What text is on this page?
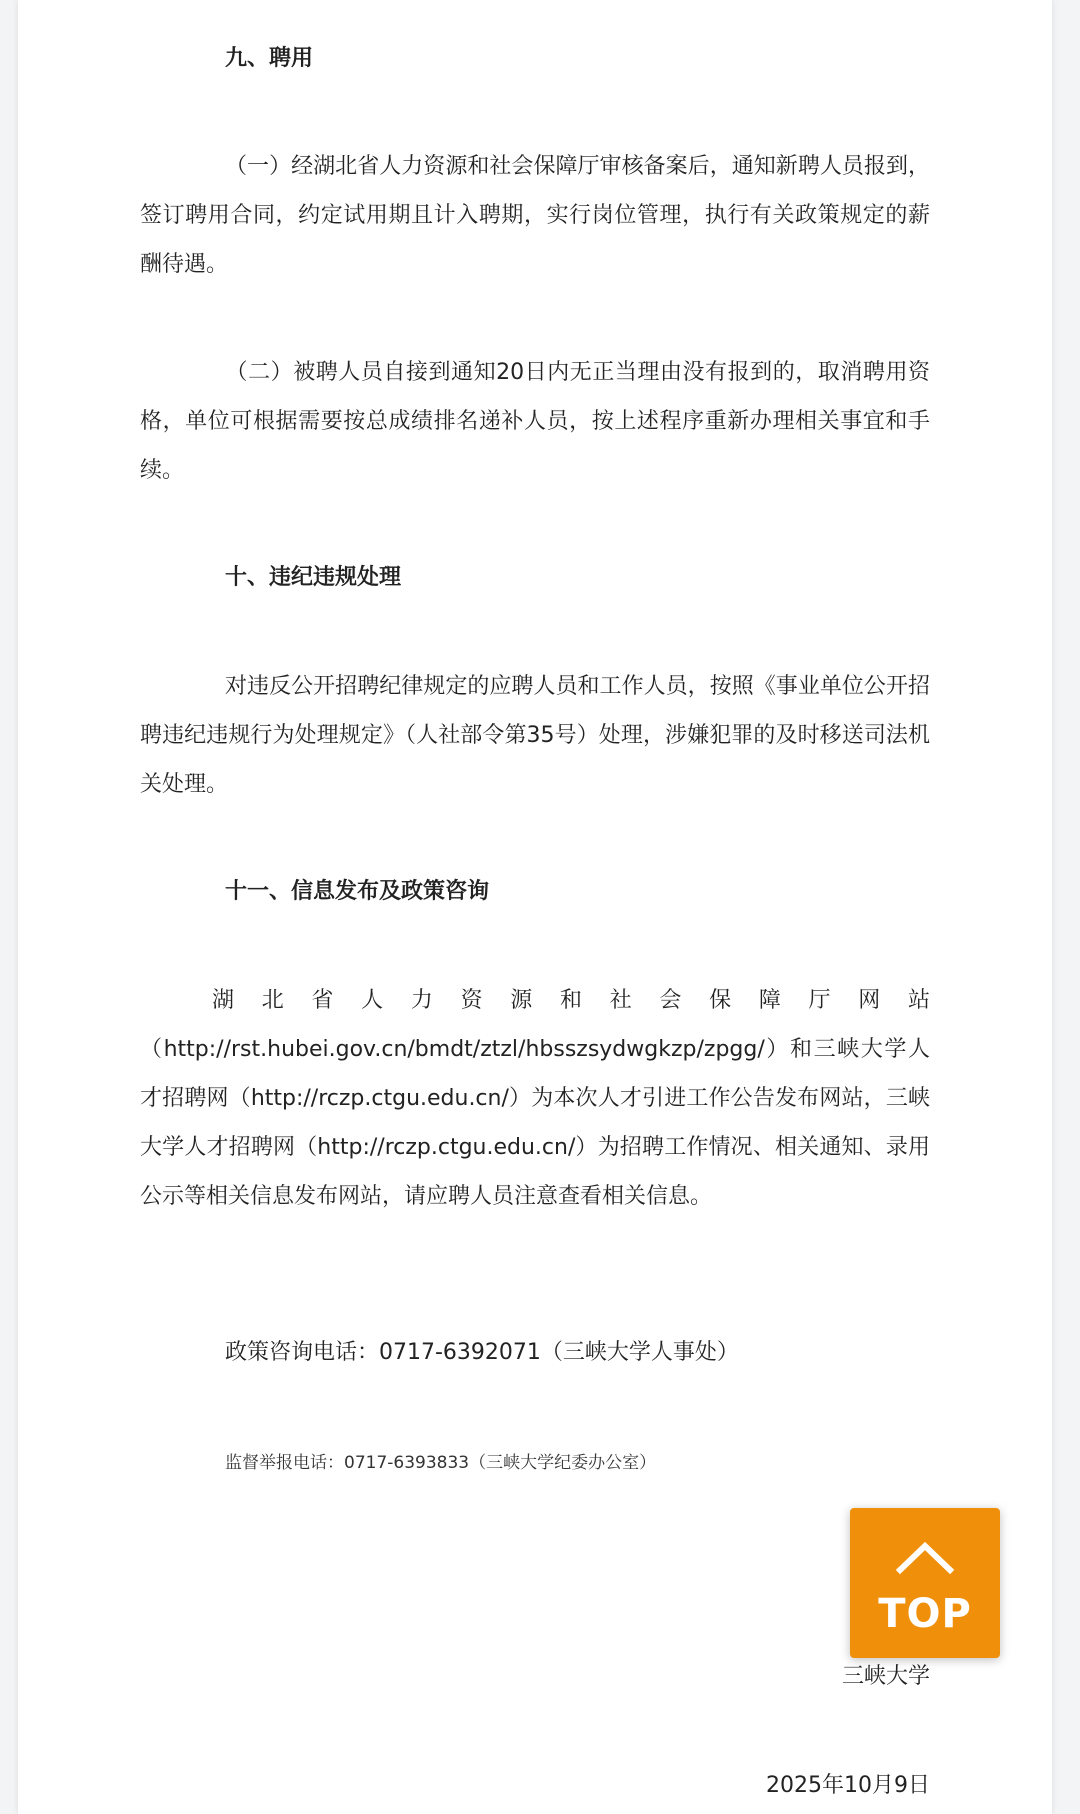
九、聘用

（一）经湖北省人力资源和社会保障厅审核备案后，通知新聘人员报到，签订聘用合同，约定试用期且计入聘期，实行岗位管理，执行有关政策规定的薪酬待遇。

（二）被聘人员自接到通知20日内无正当理由没有报到的，取消聘用资格，单位可根据需要按总成绩排名递补人员，按上述程序重新办理相关事宜和手续。

十、违纪违规处理

对违反公开招聘纪律规定的应聘人员和工作人员，按照《事业单位公开招聘违纪违规行为处理规定》（人社部令第35号）处理，涉嫌犯罪的及时移送司法机关处理。

十一、信息发布及政策咨询

湖北省人力资源和社会保障厅网站
（http://rst.hubei.gov.cn/bmdt/ztzl/hbsszsydwgkzp/zpgg/）和三峡大学人才招聘网（http://rczp.ctgu.edu.cn/）为本次人才引进工作公告发布网站，三峡大学人才招聘网（http://rczp.ctgu.edu.cn/）为招聘工作情况、相关通知、录用公示等相关信息发布网站，请应聘人员注意查看相关信息。

政策咨询电话：0717-6392071（三峡大学人事处）

监督举报电话：0717-6393833（三峡大学纪委办公室）

三峡大学

2025年10月9日

TOP
